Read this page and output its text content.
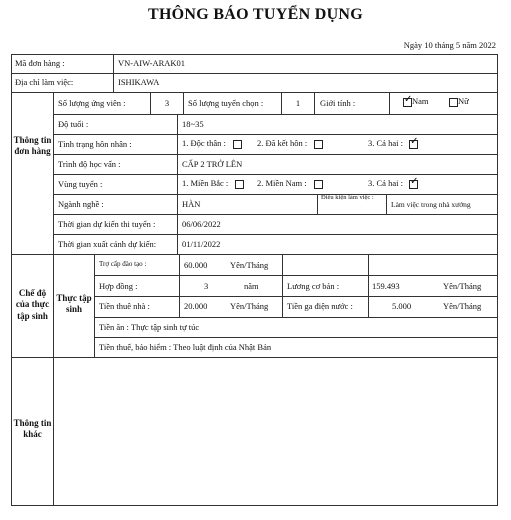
THÔNG BÁO TUYỂN DỤNG
Ngày 10 tháng 5 năm 2022
Mã đơn hàng :	VN-AIW-ARAK01
Địa chỉ làm việc:	ISHIKAWA
Thông tin đơn hàng
Số lượng ứng viên :	3	Số lượng tuyển chọn :	1	Giới tính :
✓	Nam	Nữ
Độ tuổi :	18~35
Tình trạng hôn nhân :	1. Độc thân :	2. Đã kết hôn :	3. Cả hai : ✓
Trình độ học vấn :	CẤP 2 TRỞ LÊN
Vùng tuyển :	1. Miền Bắc :	2. Miền Nam :	3. Cả hai : ✓
Ngành nghề :	HÀN
Điều kiện làm việc :
Làm việc trong nhà xưởng
Thời gian dự kiến thi tuyển :	06/06/2022
Thời gian xuất cảnh dự kiến:	01/11/2022
Chế độ của thực tập sinh
Thực tập sinh
Trợ cấp đào tạo :	60.000	Yên/Tháng
Hợp đồng :	3	năm	Lương cơ bản :	159.493	Yên/Tháng
Tiền thuê nhà :	20.000	Yên/Tháng Tiền ga điện nước :	5.000	Yên/Tháng
Tiền ăn : Thực tập sinh tự túc
Tiền thuế, bảo hiểm : Theo luật định của Nhật Bản
Thông tin khác
